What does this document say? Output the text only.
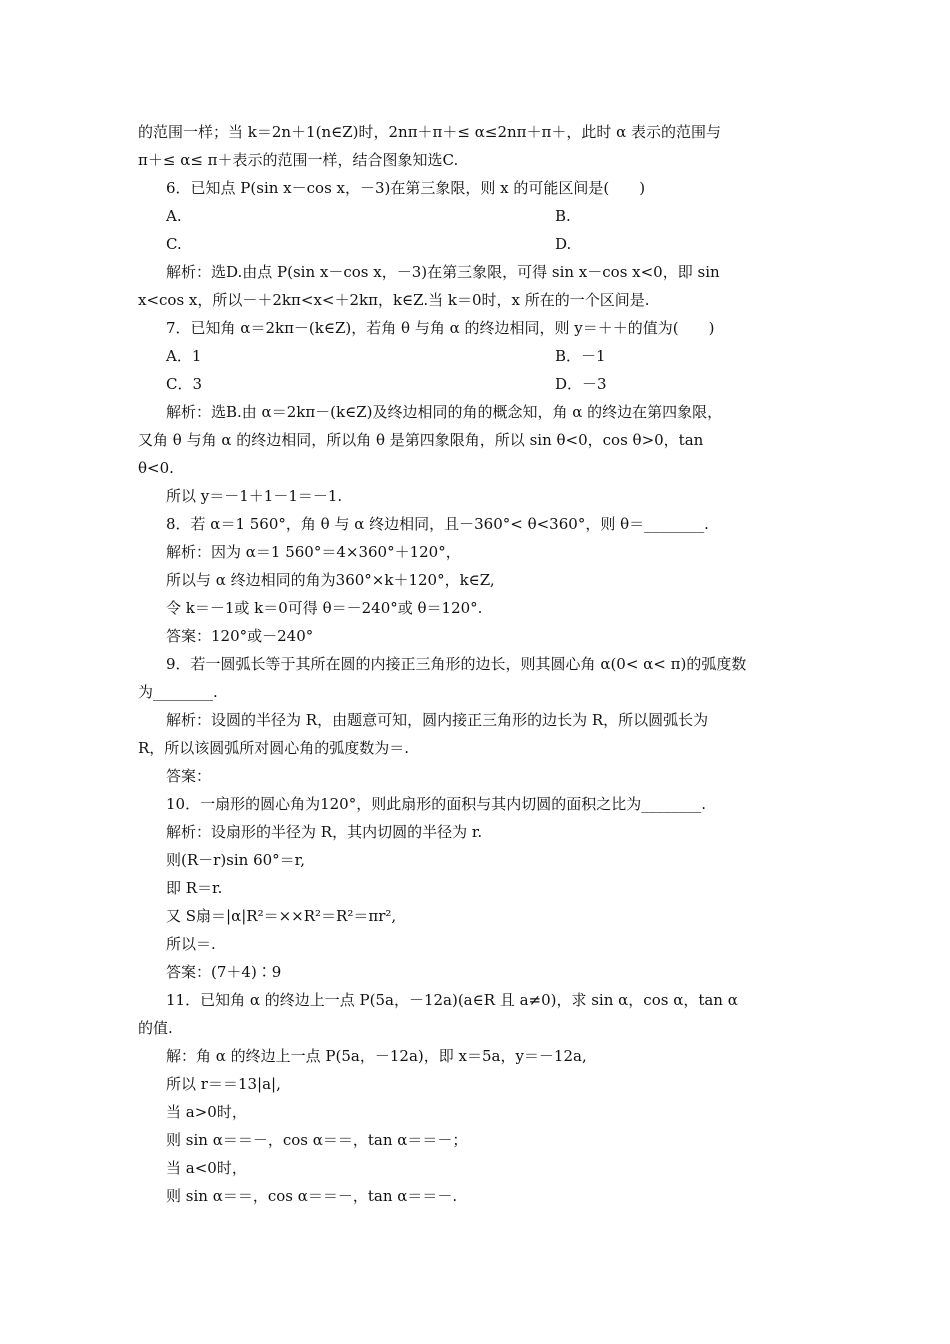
的范围一样；当 k＝2n＋1(n∈Z)时，2nπ＋π＋≤ α≤2nπ＋π＋，此时 α 表示的范围与
π＋≤ α≤ π＋表示的范围一样，结合图象知选C.
6．已知点 P(sin x－cos x，－3)在第三象限，则 x 的可能区间是(　　)
A.	B.
C.	D.
解析：选D.由点 P(sin x－cos x，－3)在第三象限，可得 sin x－cos x<0，即 sin
x<cos x，所以－＋2kπ<x<＋2kπ，k∈Z.当 k＝0时，x 所在的一个区间是.
7．已知角 α＝2kπ－(k∈Z)，若角 θ 与角 α 的终边相同，则 y＝＋＋的值为(　　)
A．1	B．－1
C．3	D．－3
解析：选B.由 α＝2kπ－(k∈Z)及终边相同的角的概念知，角 α 的终边在第四象限，
又角 θ 与角 α 的终边相同，所以角 θ 是第四象限角，所以 sin θ<0，cos θ>0，tan
θ<0.
所以 y＝－1＋1－1＝－1.
8．若 α＝1 560°，角 θ 与 α 终边相同，且－360°< θ<360°，则 θ＝________.
解析：因为 α＝1 560°＝4×360°＋120°，
所以与 α 终边相同的角为360°×k＋120°，k∈Z,
令 k＝－1或 k＝0可得 θ＝－240°或 θ＝120°.
答案：120°或－240°
9．若一圆弧长等于其所在圆的内接正三角形的边长，则其圆心角 α(0< α< π)的弧度数
为________.
解析：设圆的半径为 R，由题意可知，圆内接正三角形的边长为 R，所以圆弧长为
R，所以该圆弧所对圆心角的弧度数为＝.
答案：
10．一扇形的圆心角为120°，则此扇形的面积与其内切圆的面积之比为________.
解析：设扇形的半径为 R，其内切圆的半径为 r.
则(R－r)sin 60°＝r,
即 R＝r.
又 S扇＝|α|R²＝××R²＝R²＝πr²,
所以＝.
答案：(7＋4)∶9
11．已知角 α 的终边上一点 P(5a，－12a)(a∈R 且 a≠0)，求 sin α，cos α，tan α
的值.
解：角 α 的终边上一点 P(5a，－12a)，即 x＝5a，y＝－12a,
所以 r＝＝13|a|,
当 a>0时，
则 sin α＝＝－，cos α＝＝，tan α＝＝－；
当 a<0时，
则 sin α＝＝，cos α＝＝－，tan α＝＝－.
